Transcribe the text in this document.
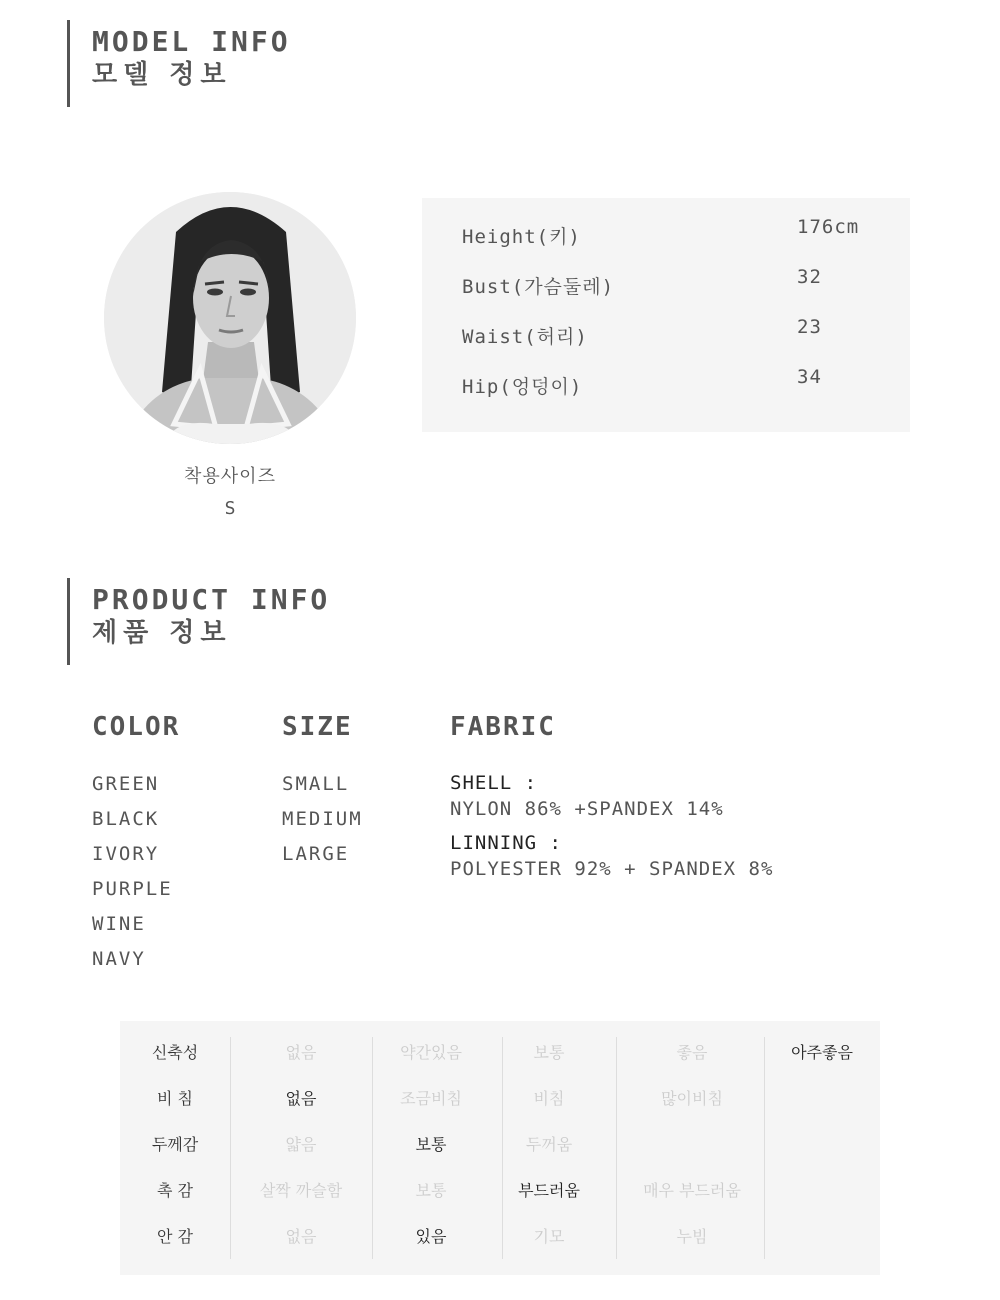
MODEL INFO
모델 정보
착용사이즈
S
Height(키)	176cm
Bust(가슴둘레)	32
Waist(허리)	23
Hip(엉덩이)	34
PRODUCT INFO
제품 정보
COLOR
GREEN
BLACK
IVORY
PURPLE
WINE
NAVY
SIZE
SMALL
MEDIUM
LARGE
FABRIC
SHELL :
NYLON 86% +SPANDEX 14%
LINNING :
POLYESTER 92% + SPANDEX 8%
신축성	없음	약간있음	보통	좋음	아주좋음
비 침	없음	조금비침	비침	많이비침
두께감	얇음	보통	두꺼움
촉 감	살짝 까슬함	보통	부드러움	매우 부드러움
안 감	없음	있음	기모	누빔
